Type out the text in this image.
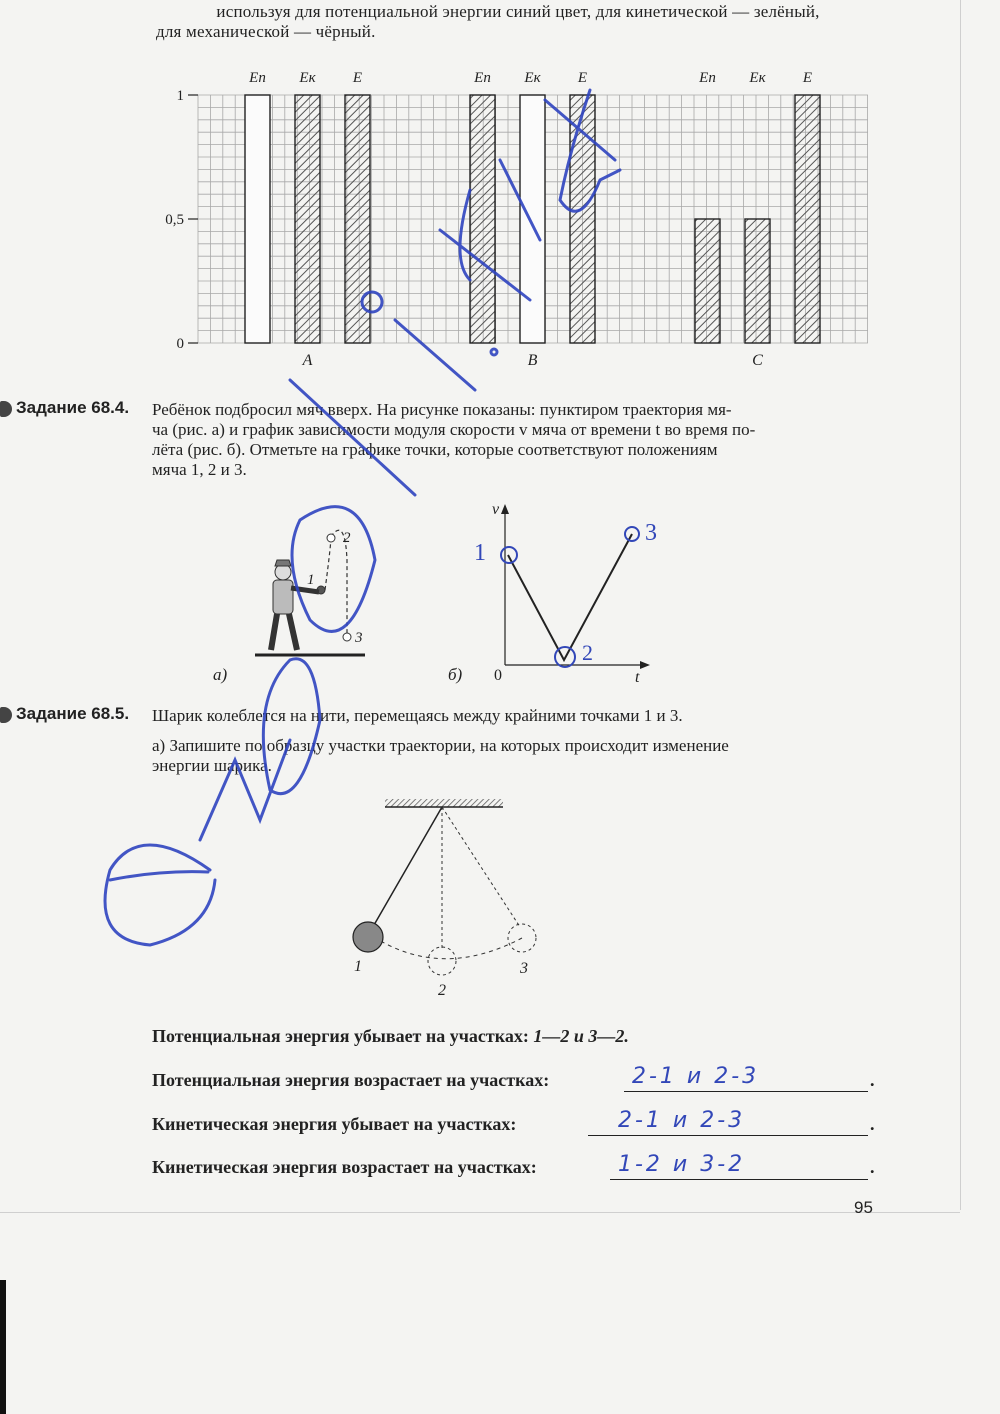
используя для потенциальной энергии синий цвет, для кинетической — зелёный,
для механической — чёрный.
0
0,5
1
Eп Eк E
A
Eп Eк E
B
Eп Eк E
C
Задание 68.4. Ребёнок подбросил мяч вверх. На рисунке показаны: пунктиром траектория мя-
ча (рис. а) и график зависимости модуля скорости v мяча от времени t во время по-
лёта (рис. б). Отметьте на графике точки, которые соответствуют положениям
мяча 1, 2 и 3.
а)
2
1
3
v
t
0
б)
1
2
3
Задание 68.5. Шарик колеблется на нити, перемещаясь между крайними точками 1 и 3.
а) Запишите по образцу участки траектории, на которых происходит изменение
энергии шарика.
1
2
3
Потенциальная энергия убывает на участках: 1—2 и 3—2.
Потенциальная энергия возрастает на участках:	2-1 и 2-3	.
Кинетическая энергия убывает на участках:	2-1 и 2-3	.
Кинетическая энергия возрастает на участках:	1-2 и 3-2	.
95
